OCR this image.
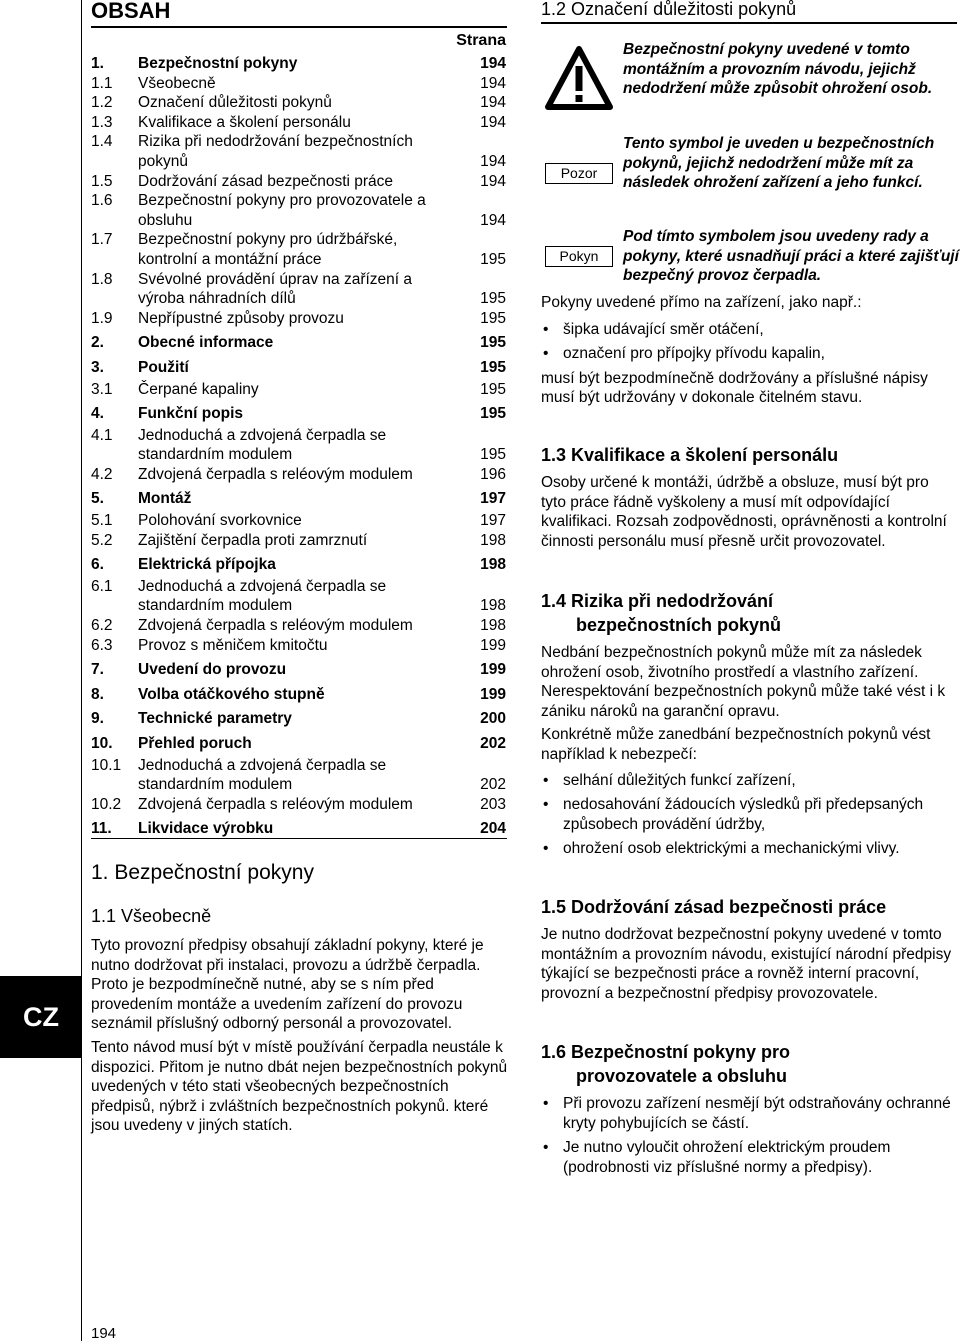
CZ
OBSAH
Strana
1. Bezpečnostní pokyny	194
1.1 Všeobecně	194
1.2 Označení důležitosti pokynů	194
1.3 Kvalifikace a školení personálu	194
1.4 Rizika při nedodržování bezpečnostních pokynů	194
1.5 Dodržování zásad bezpečnosti práce	194
1.6 Bezpečnostní pokyny pro provozovatele a obsluhu	194
1.7 Bezpečnostní pokyny pro údržbářské, kontrolní a montážní práce	195
1.8 Svévolné provádění úprav na zařízení a výroba náhradních dílů	195
1.9 Nepřípustné způsoby provozu	195
2. Obecné informace	195
3. Použití	195
3.1 Čerpané kapaliny	195
4. Funkční popis	195
4.1 Jednoduchá a zdvojená čerpadla se standardním modulem	195
4.2 Zdvojená čerpadla s reléovým modulem	196
5. Montáž	197
5.1 Polohování svorkovnice	197
5.2 Zajištění čerpadla proti zamrznutí	198
6. Elektrická přípojka	198
6.1 Jednoduchá a zdvojená čerpadla se standardním modulem	198
6.2 Zdvojená čerpadla s reléovým modulem	198
6.3 Provoz s měničem kmitočtu	199
7. Uvedení do provozu	199
8. Volba otáčkového stupně	199
9. Technické parametry	200
10. Přehled poruch	202
10.1 Jednoduchá a zdvojená čerpadla se standardním modulem	202
10.2 Zdvojená čerpadla s reléovým modulem	203
11. Likvidace výrobku	204
1. Bezpečnostní pokyny
1.1 Všeobecně

Tyto provozní předpisy obsahují základní pokyny, které je nutno dodržovat při instalaci, provozu a údržbě čerpadla. Proto je bezpodmínečně nutné, aby se s ním před provedením montáže a uvedením zařízení do provozu seznámil příslušný odborný personál a provozovatel.

Tento návod musí být v místě používání čerpadla neustále k dispozici. Přitom je nutno dbát nejen bezpečnostních pokynů uvedených v této stati všeobecných bezpečnostních předpisů, nýbrž i zvláštních bezpečnostních pokynů. které jsou uvedeny v jiných statích.

194
1.2 Označení důležitosti pokynů
Bezpečnostní pokyny uvedené v tomto montážním a provozním návodu, jejichž nedodržení může způsobit ohrožení osob.
Pozor
Tento symbol je uveden u bezpečnostních pokynů, jejichž nedodržení může mít za následek ohrožení zařízení a jeho funkcí.
Pokyn
Pod tímto symbolem jsou uvedeny rady a pokyny, které usnadňují práci a které zajišťují bezpečný provoz čerpadla.

Pokyny uvedené přímo na zařízení, jako např.:

• šipka udávající směr otáčení,
• označení pro přípojky přívodu kapalin,

musí být bezpodmínečně dodržovány a příslušné nápisy musí být udržovány v dokonale čitelném stavu.

1.3 Kvalifikace a školení personálu

Osoby určené k montáži, údržbě a obsluze, musí být pro tyto práce řádně vyškoleny a musí mít odpovídající kvalifikaci. Rozsah zodpovědnosti, oprávněnosti a kontrolní činnosti personálu musí přesně určit provozovatel.

1.4 Rizika při nedodržování
bezpečnostních pokynů

Nedbání bezpečnostních pokynů může mít za následek ohrožení osob, životního prostředí a vlastního zařízení. Nerespektování bezpečnostních pokynů může také vést i k zániku nároků na garanční opravu.

Konkrétně může zanedbání bezpečnostních pokynů vést například k nebezpečí:

• selhání důležitých funkcí zařízení,
• nedosahování žádoucích výsledků při předepsaných způsobech provádění údržby,
• ohrožení osob elektrickými a mechanickými vlivy.
1.5 Dodržování zásad bezpečnosti práce

Je nutno dodržovat bezpečnostní pokyny uvedené v tomto montážním a provozním návodu, existující národní předpisy týkající se bezpečnosti práce a rovněž interní pracovní, provozní a bezpečnostní předpisy provozovatele.

1.6 Bezpečnostní pokyny pro
provozovatele a obsluhu
• Při provozu zařízení nesmějí být odstraňovány ochranné kryty pohybujících se částí.
• Je nutno vyloučit ohrožení elektrickým proudem (podrobnosti viz příslušné normy a předpisy).
